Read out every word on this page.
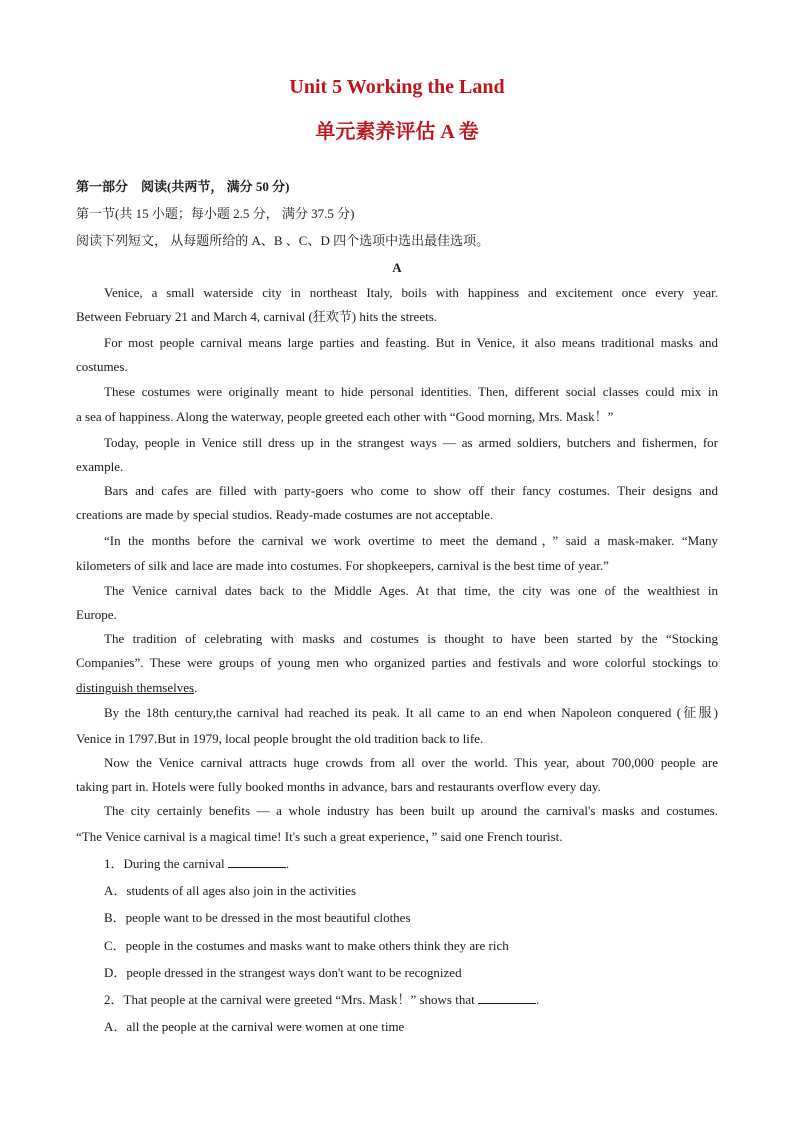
Unit 5 Working the Land
单元素养评估 A 卷
第一部分　阅读(共两节， 满分 50 分)
第一节(共 15 小题；每小题 2.5 分， 满分 37.5 分)
阅读下列短文， 从每题所给的 A、B 、C、D 四个选项中选出最佳选项。
A
Venice, a small waterside city in northeast Italy, boils with happiness and excitement once every year.
Between February 21 and March 4, carnival (狂欢节) hits the streets.
For most people carnival means large parties and feasting. But in Venice, it also means traditional masks and
costumes.
These costumes were originally meant to hide personal identities. Then, different social classes could mix in
a sea of happiness. Along the waterway, people greeted each other with “Good morning, Mrs. Mask！”
Today, people in Venice still dress up in the strangest ways — as armed soldiers, butchers and fishermen, for
example.
Bars and cafes are filled with party-goers who come to show off their fancy costumes. Their designs and
creations are made by special studios. Ready-made costumes are not acceptable.
“In the months before the carnival we work overtime to meet the demand，” said a mask-maker. “Many
kilometers of silk and lace are made into costumes. For shopkeepers, carnival is the best time of year.”
The Venice carnival dates back to the Middle Ages. At that time, the city was one of the wealthiest in
Europe.
The tradition of celebrating with masks and costumes is thought to have been started by the “Stocking
Companies”. These were groups of young men who organized parties and festivals and wore colorful stockings to
distinguish themselves.
By the 18th century,the carnival had reached its peak. It all came to an end when Napoleon conquered (征服)
Venice in 1797.But in 1979, local people brought the old tradition back to life.
Now the Venice carnival attracts huge crowds from all over the world. This year, about 700,000 people are
taking part in. Hotels were fully booked months in advance, bars and restaurants overflow every day.
The city certainly benefits — a whole industry has been built up around the carnival's masks and costumes.
“The Venice carnival is a magical time! It's such a great experience，” said one French tourist.
1．During the carnival	.
A．students of all ages also join in the activities
B．people want to be dressed in the most beautiful clothes
C．people in the costumes and masks want to make others think they are rich
D．people dressed in the strangest ways don't want to be recognized
2．That people at the carnival were greeted “Mrs. Mask！” shows that	.
A．all the people at the carnival were women at one time
